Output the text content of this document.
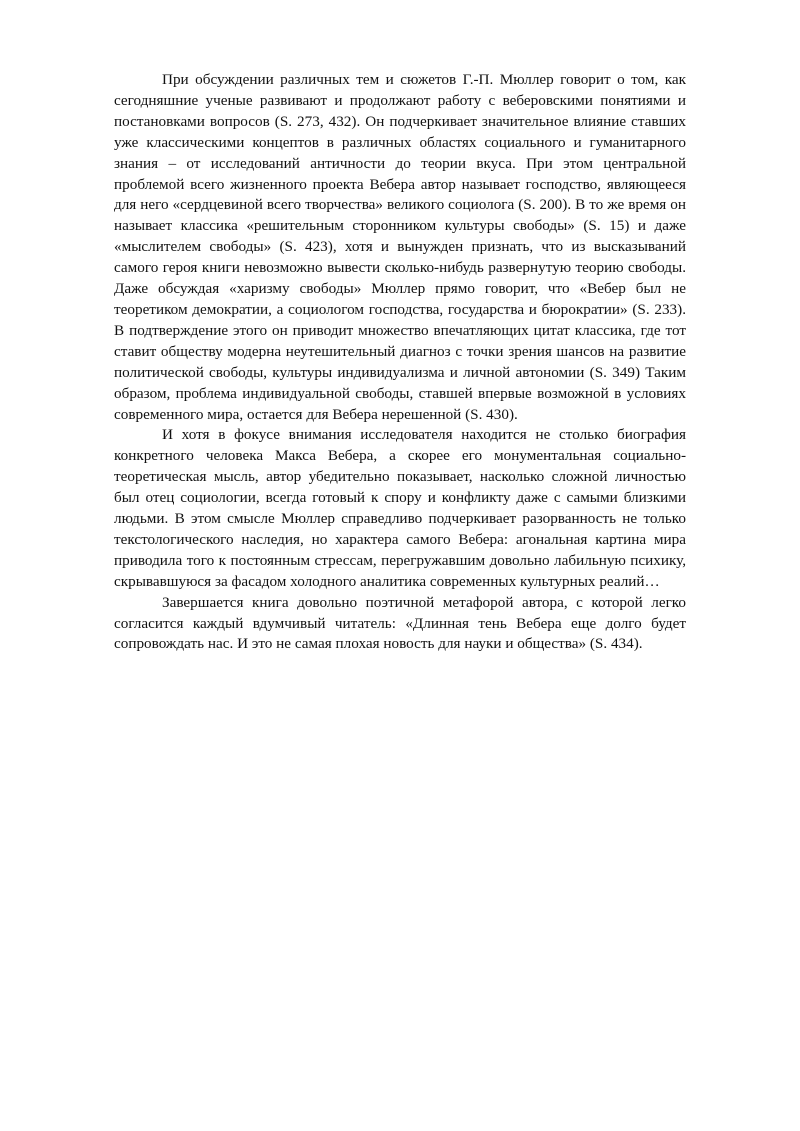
При обсуждении различных тем и сюжетов Г.-П. Мюллер говорит о том, как сегодняшние ученые развивают и продолжают работу с веберовскими понятиями и постановками вопросов (S. 273, 432). Он подчеркивает значительное влияние ставших уже классическими концептов в различных областях социального и гуманитарного знания – от исследований античности до теории вкуса. При этом центральной проблемой всего жизненного проекта Вебера автор называет господство, являющееся для него «сердцевиной всего творчества» великого социолога (S. 200). В то же время он называет классика «решительным сторонником культуры свободы» (S. 15) и даже «мыслителем свободы» (S. 423), хотя и вынужден признать, что из высказываний самого героя книги невозможно вывести сколько-нибудь развернутую теорию свободы. Даже обсуждая «харизму свободы» Мюллер прямо говорит, что «Вебер был не теоретиком демократии, а социологом господства, государства и бюрократии» (S. 233). В подтверждение этого он приводит множество впечатляющих цитат классика, где тот ставит обществу модерна неутешительный диагноз с точки зрения шансов на развитие политической свободы, культуры индивидуализма и личной автономии (S. 349) Таким образом, проблема индивидуальной свободы, ставшей впервые возможной в условиях современного мира, остается для Вебера нерешенной (S. 430).

И хотя в фокусе внимания исследователя находится не столько биография конкретного человека Макса Вебера, а скорее его монументальная социально-теоретическая мысль, автор убедительно показывает, насколько сложной личностью был отец социологии, всегда готовый к спору и конфликту даже с самыми близкими людьми. В этом смысле Мюллер справедливо подчеркивает разорванность не только текстологического наследия, но характера самого Вебера: агональная картина мира приводила того к постоянным стрессам, перегружавшим довольно лабильную психику, скрывавшуюся за фасадом холодного аналитика современных культурных реалий…

Завершается книга довольно поэтичной метафорой автора, с которой легко согласится каждый вдумчивый читатель: «Длинная тень Вебера еще долго будет сопровождать нас. И это не самая плохая новость для науки и общества» (S. 434).
